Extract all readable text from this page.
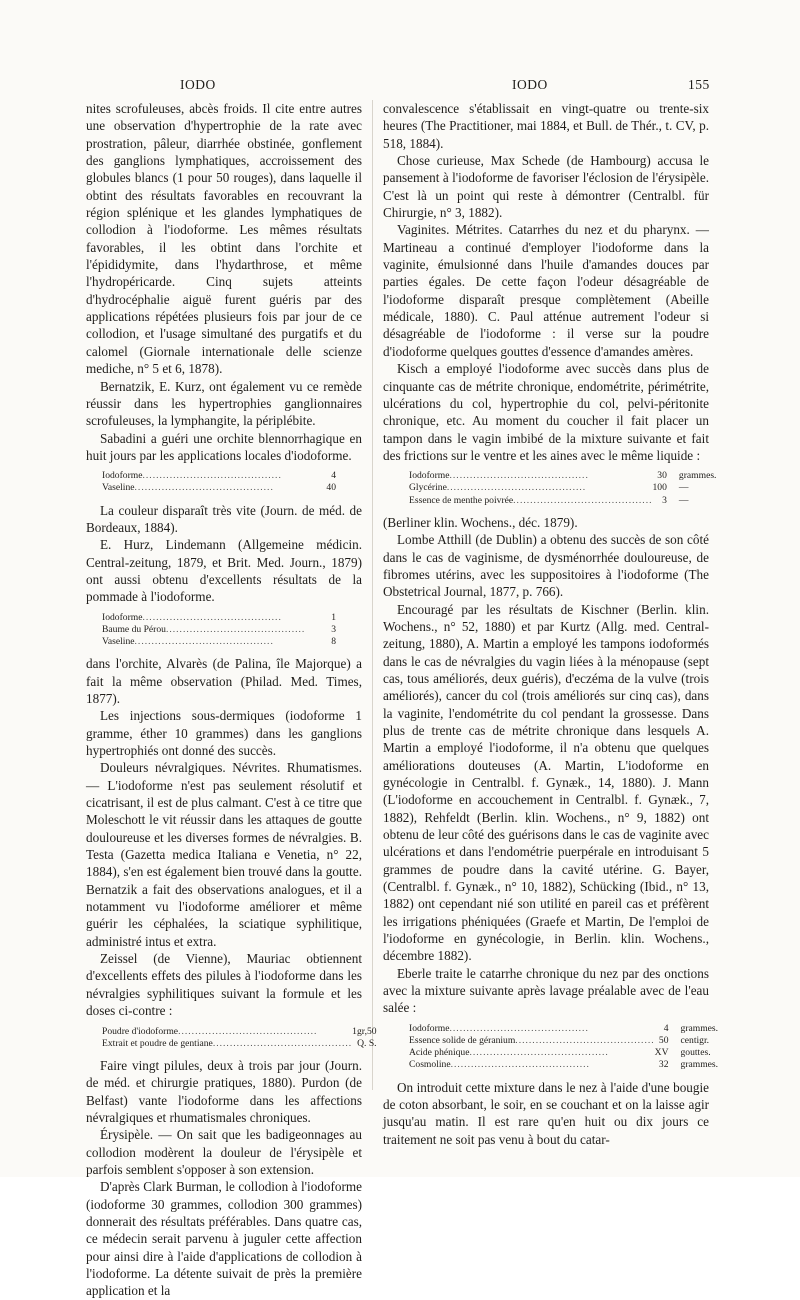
IODO	IODO	155

nites scrofuleuses, abcès froids. Il cite entre autres une observation d'hypertrophie de la rate avec prostration, pâleur, diarrhée obstinée, gonflement des ganglions lymphatiques, accroissement des globules blancs (1 pour 50 rouges), dans laquelle il obtint des résultats favorables en recouvrant la région splénique et les glandes lymphatiques de collodion à l'iodoforme. Les mêmes résultats favorables, il les obtint dans l'orchite et l'épididymite, dans l'hydarthrose, et même l'hydropéricarde. Cinq sujets atteints d'hydrocéphalie aiguë furent guéris par des applications répétées plusieurs fois par jour de ce collodion, et l'usage simultané des purgatifs et du calomel (Giornale internationale delle scienze mediche, n° 5 et 6, 1878).

Bernatzik, E. Kurz, ont également vu ce remède réussir dans les hypertrophies ganglionnaires scrofuleuses, la lymphangite, la périplébite.

Sabadini a guéri une orchite blennorrhagique en huit jours par les applications locales d'iodoforme.

Iodoforme.........................................	4
Vaseline.........................................	40

La couleur disparaît très vite (Journ. de méd. de Bordeaux, 1884).

E. Hurz, Lindemann (Allgemeine médicin. Central-zeitung, 1879, et Brit. Med. Journ., 1879) ont aussi obtenu d'excellents résultats de la pommade à l'iodoforme.

Iodoforme.........................................	1
Baume du Pérou.........................................	3
Vaseline.........................................	8

dans l'orchite, Alvarès (de Palina, île Majorque) a fait la même observation (Philad. Med. Times, 1877).

Les injections sous-dermiques (iodoforme 1 gramme, éther 10 grammes) dans les ganglions hypertrophiés ont donné des succès.

Douleurs névralgiques. Névrites. Rhumatismes. — L'iodoforme n'est pas seulement résolutif et cicatrisant, il est de plus calmant. C'est à ce titre que Moleschott le vit réussir dans les attaques de goutte douloureuse et les diverses formes de névralgies. B. Testa (Gazetta medica Italiana e Venetia, n° 22, 1884), s'en est également bien trouvé dans la goutte. Bernatzik a fait des observations analogues, et il a notamment vu l'iodoforme améliorer et même guérir les céphalées, la sciatique syphilitique, administré intus et extra.

Zeissel (de Vienne), Mauriac obtiennent d'excellents effets des pilules à l'iodoforme dans les névralgies syphilitiques suivant la formule et les doses ci-contre :

Poudre d'iodoforme.........................................	1gr,50
Extrait et poudre de gentiane.........................................	Q. S.

Faire vingt pilules, deux à trois par jour (Journ. de méd. et chirurgie pratiques, 1880). Purdon (de Belfast) vante l'iodoforme dans les affections névralgiques et rhumatismales chroniques.

Érysipèle. — On sait que les badigeonnages au collodion modèrent la douleur de l'érysipèle et parfois semblent s'opposer à son extension.

D'après Clark Burman, le collodion à l'iodoforme (iodoforme 30 grammes, collodion 300 grammes) donnerait des résultats préférables. Dans quatre cas, ce médecin serait parvenu à juguler cette affection pour ainsi dire à l'aide d'applications de collodion à l'iodoforme. La détente suivait de près la première application et la

convalescence s'établissait en vingt-quatre ou trente-six heures (The Practitioner, mai 1884, et Bull. de Thér., t. CV, p. 518, 1884).

Chose curieuse, Max Schede (de Hambourg) accusa le pansement à l'iodoforme de favoriser l'éclosion de l'érysipèle. C'est là un point qui reste à démontrer (Centralbl. für Chirurgie, n° 3, 1882).

Vaginites. Métrites. Catarrhes du nez et du pharynx. — Martineau a continué d'employer l'iodoforme dans la vaginite, émulsionné dans l'huile d'amandes douces par parties égales. De cette façon l'odeur désagréable de l'iodoforme disparaît presque complètement (Abeille médicale, 1880). C. Paul atténue autrement l'odeur si désagréable de l'iodoforme : il verse sur la poudre d'iodoforme quelques gouttes d'essence d'amandes amères.

Kisch a employé l'iodoforme avec succès dans plus de cinquante cas de métrite chronique, endométrite, périmétrite, ulcérations du col, hypertrophie du col, pelvi-péritonite chronique, etc. Au moment du coucher il fait placer un tampon dans le vagin imbibé de la mixture suivante et fait des frictions sur le ventre et les aines avec le même liquide :

Iodoforme.........................................	30	grammes.
Glycérine.........................................	100	—
Essence de menthe poivrée.........................................	3	—

(Berliner klin. Wochens., déc. 1879).

Lombe Atthill (de Dublin) a obtenu des succès de son côté dans le cas de vaginisme, de dysménorrhée douloureuse, de fibromes utérins, avec les suppositoires à l'iodoforme (The Obstetrical Journal, 1877, p. 766).

Encouragé par les résultats de Kischner (Berlin. klin. Wochens., n° 52, 1880) et par Kurtz (Allg. med. Central-zeitung, 1880), A. Martin a employé les tampons iodoformés dans le cas de névralgies du vagin liées à la ménopause (sept cas, tous améliorés, deux guéris), d'eczéma de la vulve (trois améliorés), cancer du col (trois améliorés sur cinq cas), dans la vaginite, l'endométrite du col pendant la grossesse. Dans plus de trente cas de métrite chronique dans lesquels A. Martin a employé l'iodoforme, il n'a obtenu que quelques améliorations douteuses (A. Martin, L'iodoforme en gynécologie in Centralbl. f. Gynæk., 14, 1880). J. Mann (L'iodoforme en accouchement in Centralbl. f. Gynæk., 7, 1882), Rehfeldt (Berlin. klin. Wochens., n° 9, 1882) ont obtenu de leur côté des guérisons dans le cas de vaginite avec ulcérations et dans l'endométrie puerpérale en introduisant 5 grammes de poudre dans la cavité utérine. G. Bayer, (Centralbl. f. Gynæk., n° 10, 1882), Schücking (Ibid., n° 13, 1882) ont cependant nié son utilité en pareil cas et préfèrent les irrigations phéniquées (Graefe et Martin, De l'emploi de l'iodoforme en gynécologie, in Berlin. klin. Wochens., décembre 1882).

Eberle traite le catarrhe chronique du nez par des onctions avec la mixture suivante après lavage préalable avec de l'eau salée :

Iodoforme.........................................	4	grammes.
Essence solide de géranium.........................................	50	centigr.
Acide phénique.........................................	XV	gouttes.
Cosmoline.........................................	32	grammes.

On introduit cette mixture dans le nez à l'aide d'une bougie de coton absorbant, le soir, en se couchant et on la laisse agir jusqu'au matin. Il est rare qu'en huit ou dix jours ce traitement ne soit pas venu à bout du catar-
